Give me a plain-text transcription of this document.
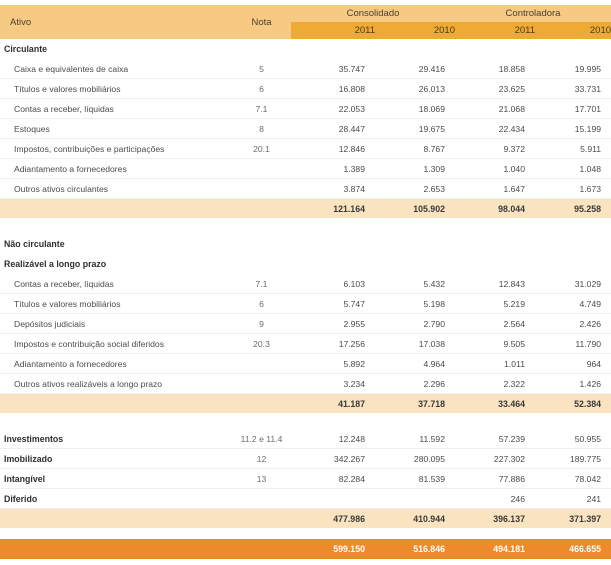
Ativo	Nota	Consolidado		Controladora	
		2011	2010	2011	2010
Circulante					
Caixa e equivalentes de caixa	5	35.747	29.416	18.858	19.995
Títulos e valores mobiliários	6	16.808	26.013	23.625	33.731
Contas a receber, líquidas	7.1	22.053	18.069	21.068	17.701
Estoques	8	28.447	19.675	22.434	15.199
Impostos, contribuições e participações	20.1	12.846	8.767	9.372	5.911
Adiantamento a fornecedores		1.389	1.309	1.040	1.048
Outros ativos circulantes		3.874	2.653	1.647	1.673
		121.164	105.902	98.044	95.258

Não circulante					
Realizável a longo prazo					
Contas a receber, líquidas	7.1	6.103	5.432	12.843	31.029
Títulos e valores mobiliários	6	5.747	5.198	5.219	4.749
Depósitos judiciais	9	2.955	2.790	2.564	2.426
Impostos e contribuição social diferidos	20.3	17.256	17.038	9.505	11.790
Adiantamento a fornecedores		5.892	4.964	1.011	964
Outros ativos realizáveis a longo prazo		3.234	2.296	2.322	1.426
		41.187	37.718	33.464	52.384

Investimentos	11.2 e 11.4	12.248	11.592	57.239	50.955
Imobilizado	12	342.267	280.095	227.302	189.775
Intangível	13	82.284	81.539	77.886	78.042
Diferido				246	241
		477.986	410.944	396.137	371.397
		599.150	516.846	494.181	466.655
